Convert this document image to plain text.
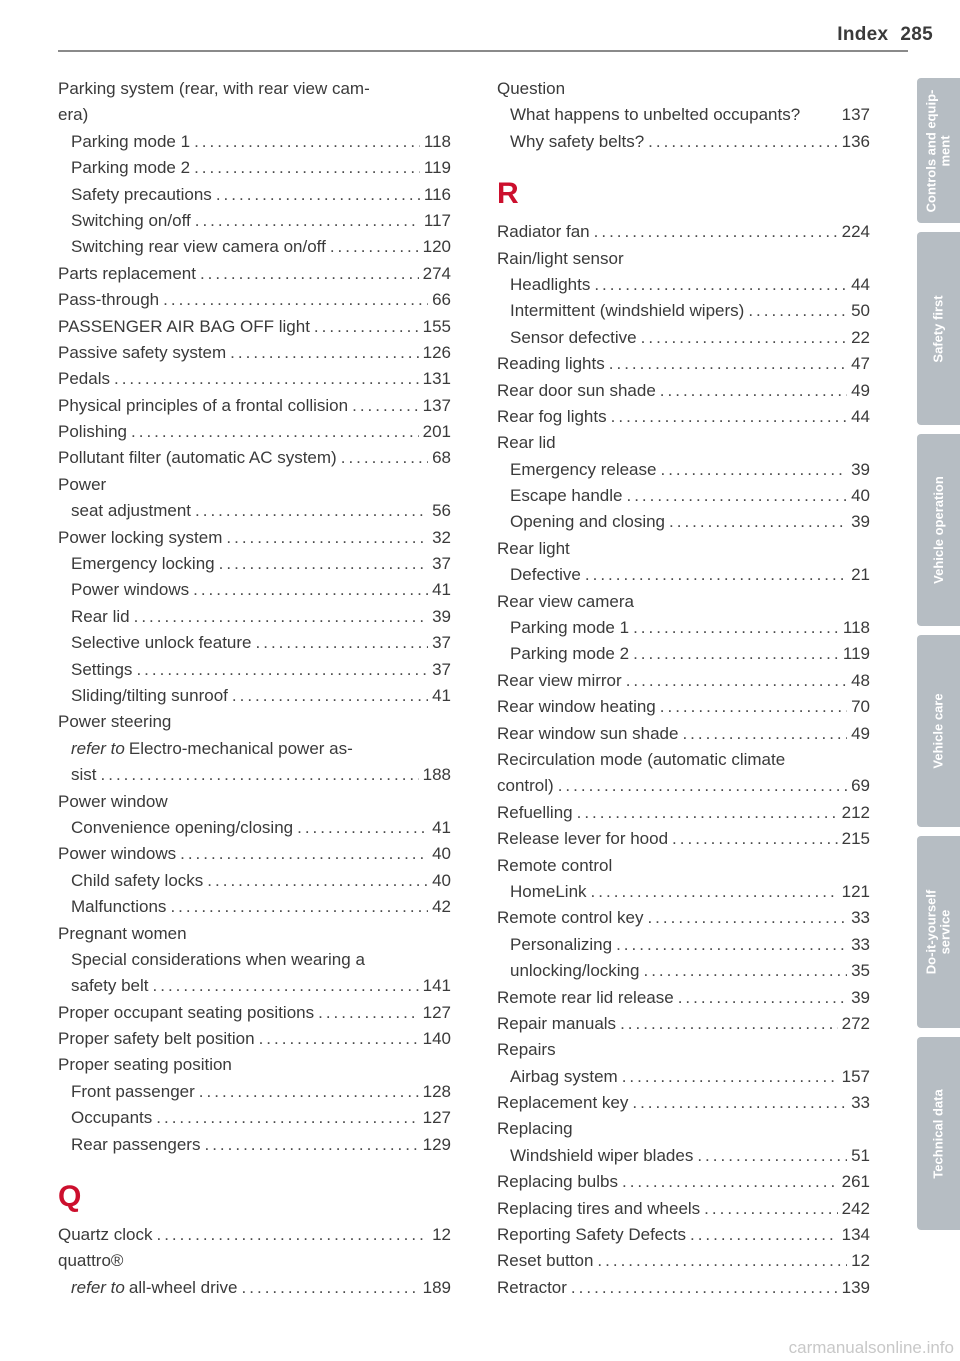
Index 285
Parking system (rear, with rear view cam-
era)
Parking mode 1 .....	118
Parking mode 2 .....	119
Safety precautions .....	116
Switching on/off .....	117
Switching rear view camera on/off .....	120
Parts replacement .....	274
Pass-through .....	66
PASSENGER AIR BAG OFF light .....	155
Passive safety system .....	126
Pedals .....	131
Physical principles of a frontal collision .....	137
Polishing .....	201
Pollutant filter (automatic AC system) .....	68
Power
seat adjustment .....	56
Power locking system .....	32
Emergency locking .....	37
Power windows .....	41
Rear lid .....	39
Selective unlock feature .....	37
Settings .....	37
Sliding/tilting sunroof .....	41
Power steering
refer to Electro-mechanical power as-
sist .....	188
Power window
Convenience opening/closing .....	41
Power windows .....	40
Child safety locks .....	40
Malfunctions .....	42
Pregnant women
Special considerations when wearing a
safety belt .....	141
Proper occupant seating positions .....	127
Proper safety belt position .....	140
Proper seating position
Front passenger .....	128
Occupants .....	127
Rear passengers .....	129
Q
Quartz clock .....	12
quattro®
refer to all-wheel drive .....	189
Question
What happens to unbelted occupants? 137
Why safety belts? .....	136
R
Radiator fan .....	224
Rain/light sensor
Headlights .....	44
Intermittent (windshield wipers) .....	50
Sensor defective .....	22
Reading lights .....	47
Rear door sun shade .....	49
Rear fog lights .....	44
Rear lid
Emergency release .....	39
Escape handle .....	40
Opening and closing .....	39
Rear light
Defective .....	21
Rear view camera
Parking mode 1 .....	118
Parking mode 2 .....	119
Rear view mirror .....	48
Rear window heating .....	70
Rear window sun shade .....	49
Recirculation mode (automatic climate
control) .....	69
Refuelling .....	212
Release lever for hood .....	215
Remote control
HomeLink .....	121
Remote control key .....	33
Personalizing .....	33
unlocking/locking .....	35
Remote rear lid release .....	39
Repair manuals .....	272
Repairs
Airbag system .....	157
Replacement key .....	33
Replacing
Windshield wiper blades .....	51
Replacing bulbs .....	261
Replacing tires and wheels .....	242
Reporting Safety Defects .....	134
Reset button .....	12
Retractor .....	139
Controls and equip-
ment
Safety first
Vehicle operation
Vehicle care
Do-it-yourself
service
Technical data
carmanualsonline.info
